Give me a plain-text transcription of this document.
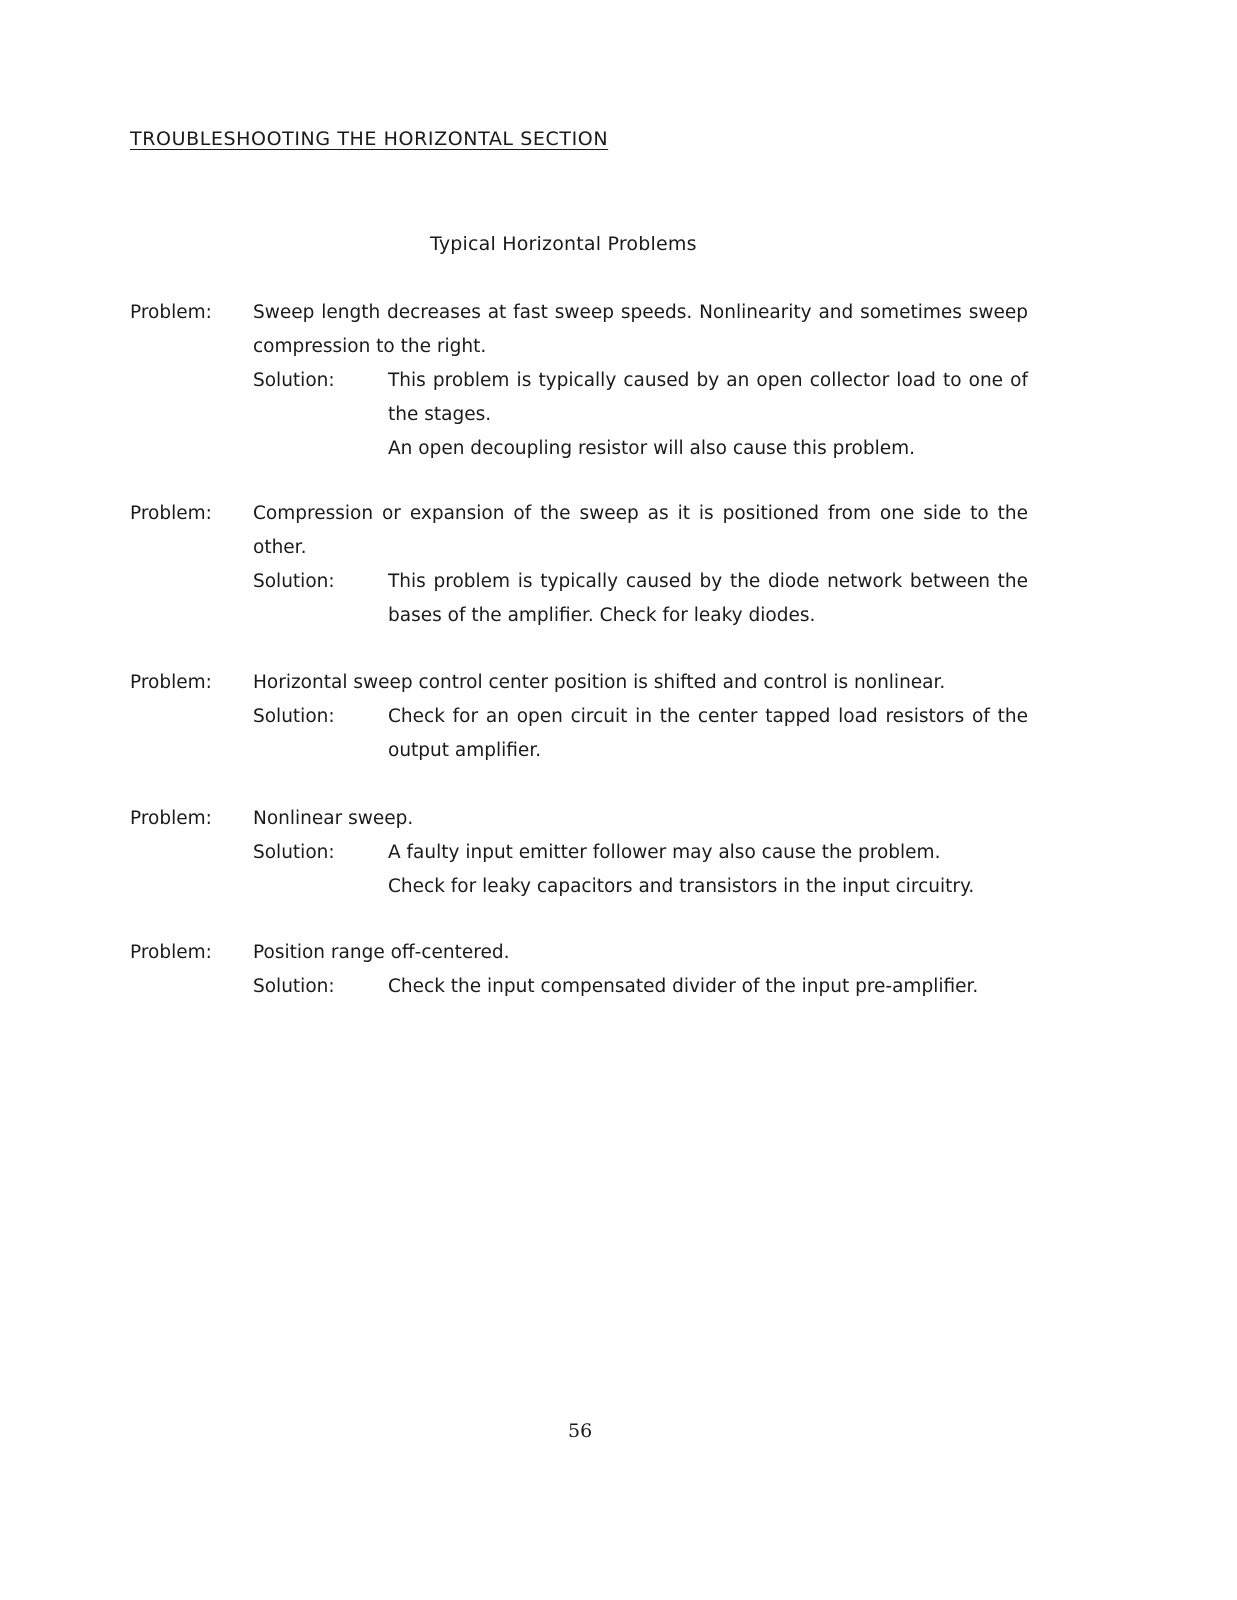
TROUBLESHOOTING THE HORIZONTAL SECTION
Typical Horizontal Problems
Problem:	Sweep length decreases at fast sweep speeds. Nonlinearity and sometimes sweep compression to the right.
Solution:	This problem is typically caused by an open collector load to one of the stages.

An open decoupling resistor will also cause this problem.

Problem:	Compression or expansion of the sweep as it is positioned from one side to the other.
Solution:	This problem is typically caused by the diode network between the bases of the amplifier. Check for leaky diodes.

Problem:	Horizontal sweep control center position is shifted and control is nonlinear.
Solution:	Check for an open circuit in the center tapped load resistors of the output amplifier.

Problem:	Nonlinear sweep.
Solution:	A faulty input emitter follower may also cause the problem.

Check for leaky capacitors and transistors in the input circuitry.

Problem:	Position range off-centered.
Solution:	Check the input compensated divider of the input pre-amplifier.

56
